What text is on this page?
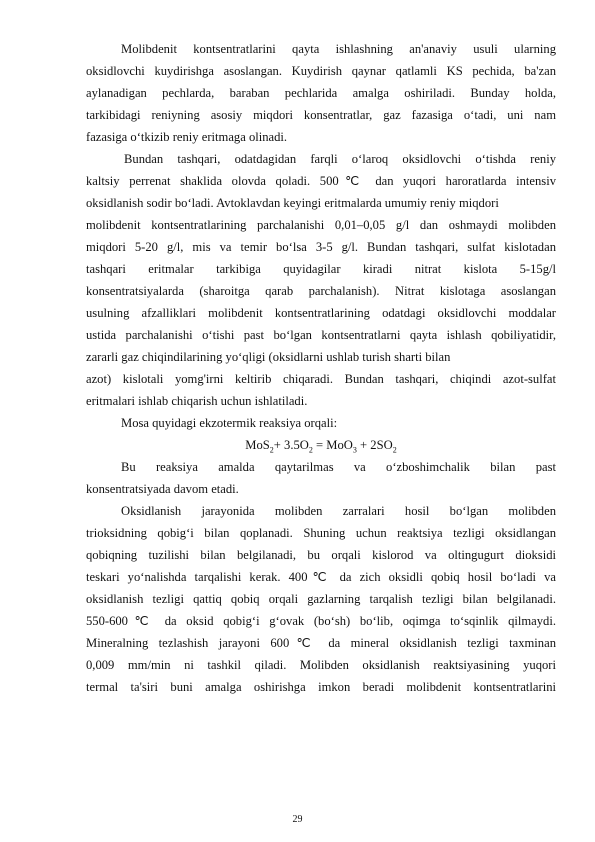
Molibdenit kontsentratlarini qayta ishlashning an'anaviy usuli ularning
oksidlovchi kuydirishga asoslangan. Kuydirish qaynar qatlamli KS pechida, ba'zan
aylanadigan pechlarda, baraban pechlarida amalga oshiriladi. Bunday holda,
tarkibidagi reniyning asosiy miqdori konsentratlar, gaz fazasiga o‘tadi, uni nam
fazasiga o‘tkizib reniy eritmaga olinadi.
Bundan tashqari, odatdagidan farqli o‘laroq oksidlovchi o‘tishda reniy
kaltsiy perrenat shaklida olovda qoladi. 500℃ dan yuqori haroratlarda intensiv
oksidlanish sodir bo‘ladi. Avtoklavdan keyingi eritmalarda umumiy reniy miqdori
molibdenit kontsentratlarining parchalanishi 0,01–0,05 g/l dan oshmaydi molibden
miqdori 5-20 g/l, mis va temir bo‘lsa 3-5 g/l. Bundan tashqari, sulfat kislotadan
tashqari eritmalar tarkibiga quyidagilar kiradi nitrat kislota 5-15g/l
konsentratsiyalarda (sharoitga qarab parchalanish). Nitrat kislotaga asoslangan
usulning afzalliklari molibdenit kontsentratlarining odatdagi oksidlovchi moddalar
ustida parchalanishi o‘tishi past bo‘lgan kontsentratlarni qayta ishlash qobiliyatidir,
zararli gaz chiqindilarining yo‘qligi (oksidlarni ushlab turish sharti bilan
azot) kislotali yomg'irni keltirib chiqaradi. Bundan tashqari, chiqindi azot-sulfat
eritmalari ishlab chiqarish uchun ishlatiladi.
Mosa quyidagi ekzotermik reaksiya orqali:
$MoS_2+ 3.5O_2 = MoO_3 + 2SO_2$
Bu reaksiya amalda qaytarilmas va o‘zboshimchalik bilan past
konsentratsiyada davom etadi.
Oksidlanish jarayonida molibden zarralari hosil bo‘lgan molibden
trioksidning qobig‘i bilan qoplanadi. Shuning uchun reaktsiya tezligi oksidlangan
qobiqning tuzilishi bilan belgilanadi, bu orqali kislorod va oltingugurt dioksidi
teskari yo‘nalishda tarqalishi kerak. 400℃ da zich oksidli qobiq hosil bo‘ladi va
oksidlanish tezligi qattiq qobiq orqali gazlarning tarqalish tezligi bilan belgilanadi.
550-600℃ da oksid qobig‘i g‘ovak (bo‘sh) bo‘lib, oqimga to‘sqinlik qilmaydi.
Mineralning tezlashish jarayoni 600℃ da mineral oksidlanish tezligi taxminan
0,009 mm/min ni tashkil qiladi. Molibden oksidlanish reaktsiyasining yuqori
termal ta'siri buni amalga oshirishga imkon beradi molibdenit kontsentratlarini
29
